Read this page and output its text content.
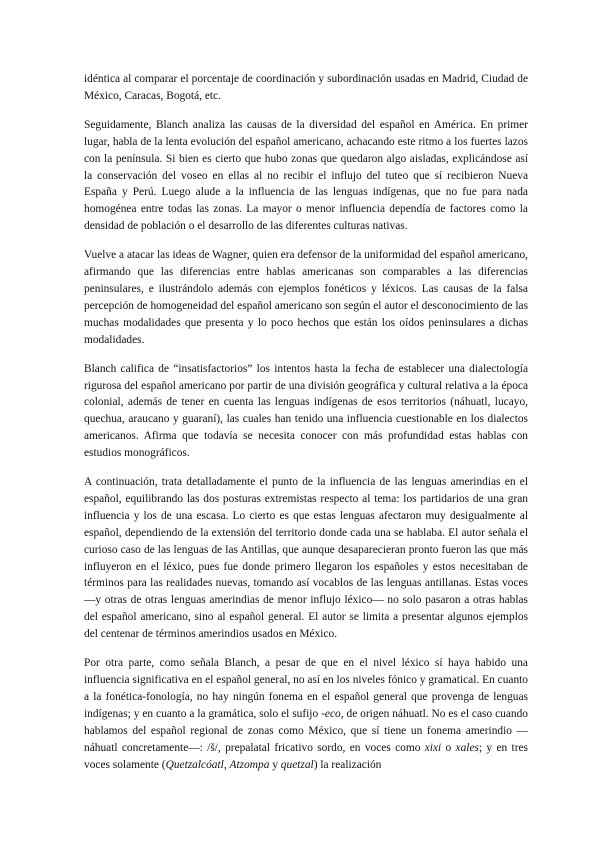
idéntica al comparar el porcentaje de coordinación y subordinación usadas en Madrid, Ciudad de México, Caracas, Bogotá, etc.

Seguidamente, Blanch analiza las causas de la diversidad del español en América. En primer lugar, habla de la lenta evolución del español americano, achacando este ritmo a los fuertes lazos con la península. Si bien es cierto que hubo zonas que quedaron algo aisladas, explicándose así la conservación del voseo en ellas al no recibir el influjo del tuteo que sí recibieron Nueva España y Perú. Luego alude a la influencia de las lenguas indígenas, que no fue para nada homogénea entre todas las zonas. La mayor o menor influencia dependía de factores como la densidad de población o el desarrollo de las diferentes culturas nativas.

Vuelve a atacar las ideas de Wagner, quien era defensor de la uniformidad del español americano, afirmando que las diferencias entre hablas americanas son comparables a las diferencias peninsulares, e ilustrándolo además con ejemplos fonéticos y léxicos. Las causas de la falsa percepción de homogeneidad del español americano son según el autor el desconocimiento de las muchas modalidades que presenta y lo poco hechos que están los oídos peninsulares a dichas modalidades.

Blanch califica de “insatisfactorios” los intentos hasta la fecha de establecer una dialectología rigurosa del español americano por partir de una división geográfica y cultural relativa a la época colonial, además de tener en cuenta las lenguas indígenas de esos territorios (náhuatl, lucayo, quechua, araucano y guaraní), las cuales han tenido una influencia cuestionable en los dialectos americanos. Afirma que todavía se necesita conocer con más profundidad estas hablas con estudios monográficos.

A continuación, trata detalladamente el punto de la influencia de las lenguas amerindias en el español, equilibrando las dos posturas extremistas respecto al tema: los partidarios de una gran influencia y los de una escasa. Lo cierto es que estas lenguas afectaron muy desigualmente al español, dependiendo de la extensión del territorio donde cada una se hablaba. El autor señala el curioso caso de las lenguas de las Antillas, que aunque desaparecieran pronto fueron las que más influyeron en el léxico, pues fue donde primero llegaron los españoles y estos necesitaban de términos para las realidades nuevas, tomando así vocablos de las lenguas antillanas. Estas voces —y otras de otras lenguas amerindias de menor influjo léxico— no solo pasaron a otras hablas del español americano, sino al español general. El autor se limita a presentar algunos ejemplos del centenar de términos amerindios usados en México.

Por otra parte, como señala Blanch, a pesar de que en el nivel léxico sí haya habido una influencia significativa en el español general, no así en los niveles fónico y gramatical. En cuanto a la fonética-fonología, no hay ningún fonema en el español general que provenga de lenguas indígenas; y en cuanto a la gramática, solo el sufijo -eco, de origen náhuatl. No es el caso cuando hablamos del español regional de zonas como México, que sí tiene un fonema amerindio —náhuatl concretamente—: /š/, prepalatal fricativo sordo, en voces como xixi o xales; y en tres voces solamente (Quetzalcóatl, Atzompa y quetzal) la realización
